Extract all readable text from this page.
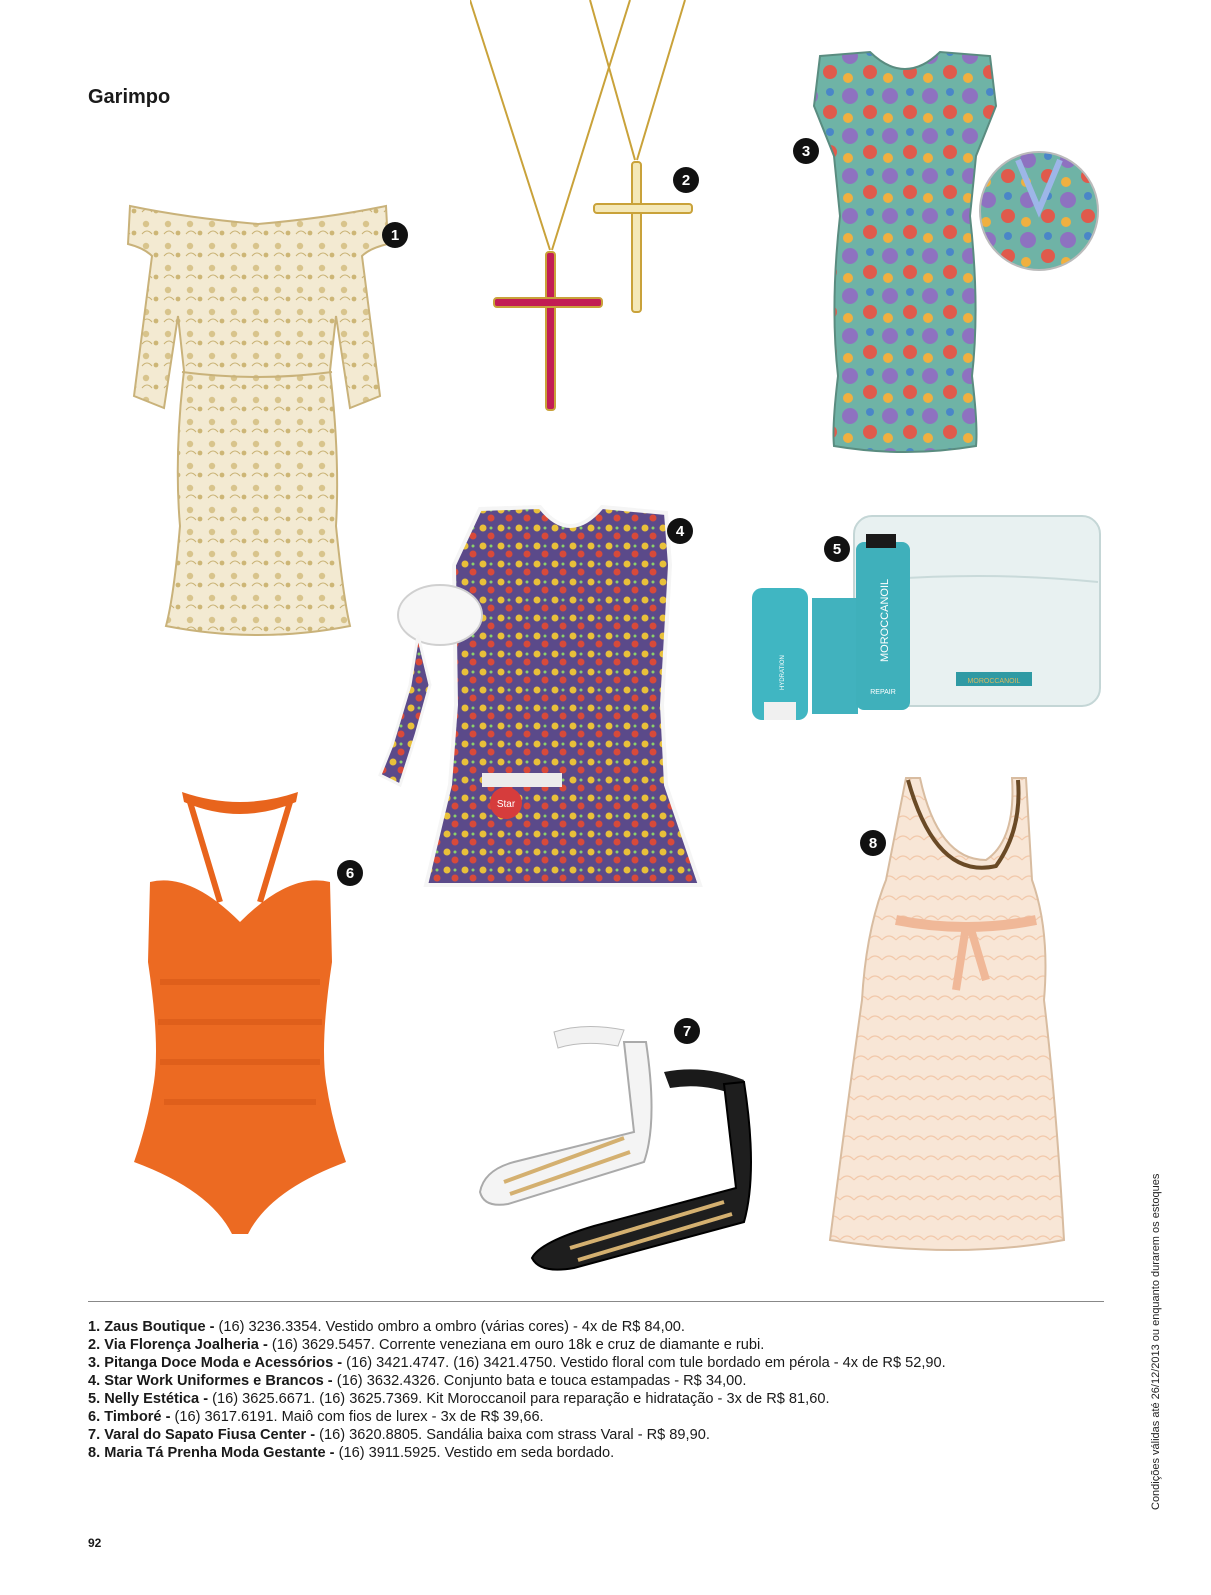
Garimpo
1
2
3
Star
4
MOROCCANOIL
MOROCCANOIL
REPAIR
HYDRATION
5
6
7
8
1. Zaus Boutique - (16) 3236.3354. Vestido ombro a ombro (várias cores) - 4x de R$ 84,00.
2. Via Florença Joalheria - (16) 3629.5457. Corrente veneziana em ouro 18k e cruz de diamante e rubi.
3. Pitanga Doce Moda e Acessórios - (16) 3421.4747. (16) 3421.4750. Vestido floral com tule bordado em pérola - 4x de R$ 52,90.
4. Star Work Uniformes e Brancos - (16) 3632.4326. Conjunto bata e touca estampadas - R$ 34,00.
5. Nelly Estética - (16) 3625.6671. (16) 3625.7369. Kit Moroccanoil para reparação e hidratação - 3x de R$ 81,60.
6. Timboré - (16) 3617.6191. Maiô com fios de lurex - 3x de R$ 39,66.
7. Varal do Sapato Fiusa Center - (16) 3620.8805. Sandália baixa com strass Varal - R$ 89,90.
8. Maria Tá Prenha Moda Gestante - (16) 3911.5925. Vestido em seda bordado.
92
Condições válidas até 26/12/2013 ou enquanto durarem os estoques
